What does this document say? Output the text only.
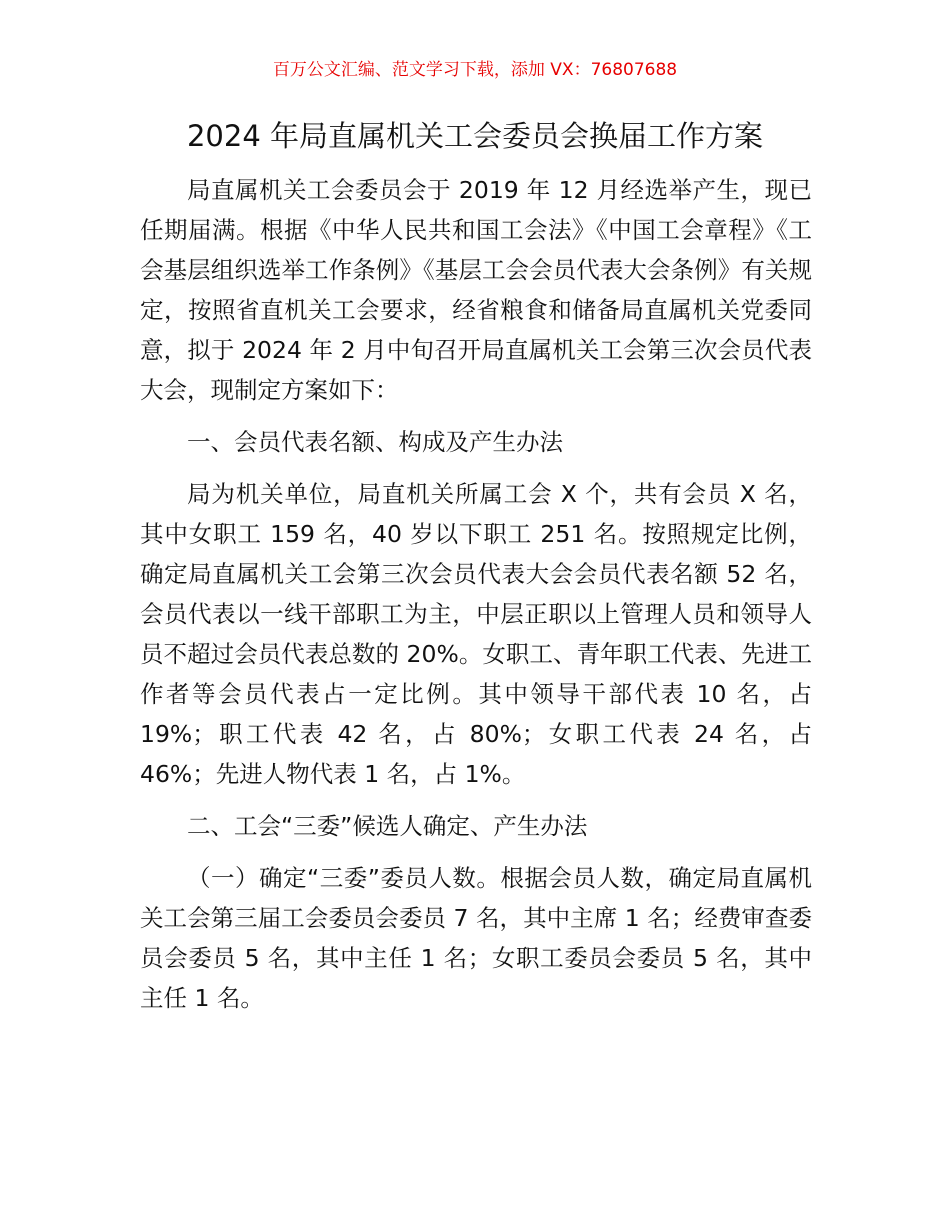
百万公文汇编、范文学习下载，添加 VX：76807688
2024 年局直属机关工会委员会换届工作方案

局直属机关工会委员会于 2019 年 12 月经选举产生，现已任期届满。根据《中华人民共和国工会法》《中国工会章程》《工会基层组织选举工作条例》《基层工会会员代表大会条例》有关规定，按照省直机关工会要求，经省粮食和储备局直属机关党委同意，拟于 2024 年 2 月中旬召开局直属机关工会第三次会员代表大会，现制定方案如下：

一、会员代表名额、构成及产生办法

局为机关单位，局直机关所属工会 X 个，共有会员 X 名，其中女职工 159 名，40 岁以下职工 251 名。按照规定比例，确定局直属机关工会第三次会员代表大会会员代表名额 52 名，会员代表以一线干部职工为主，中层正职以上管理人员和领导人员不超过会员代表总数的 20%。女职工、青年职工代表、先进工作者等会员代表占一定比例。其中领导干部代表 10 名，占 19%；职工代表 42 名，占 80%；女职工代表 24 名，占 46%；先进人物代表 1 名，占 1%。

二、工会“三委”候选人确定、产生办法

（一）确定“三委”委员人数。根据会员人数，确定局直属机关工会第三届工会委员会委员 7 名，其中主席 1 名；经费审查委员会委员 5 名，其中主任 1 名；女职工委员会委员 5 名，其中主任 1 名。
